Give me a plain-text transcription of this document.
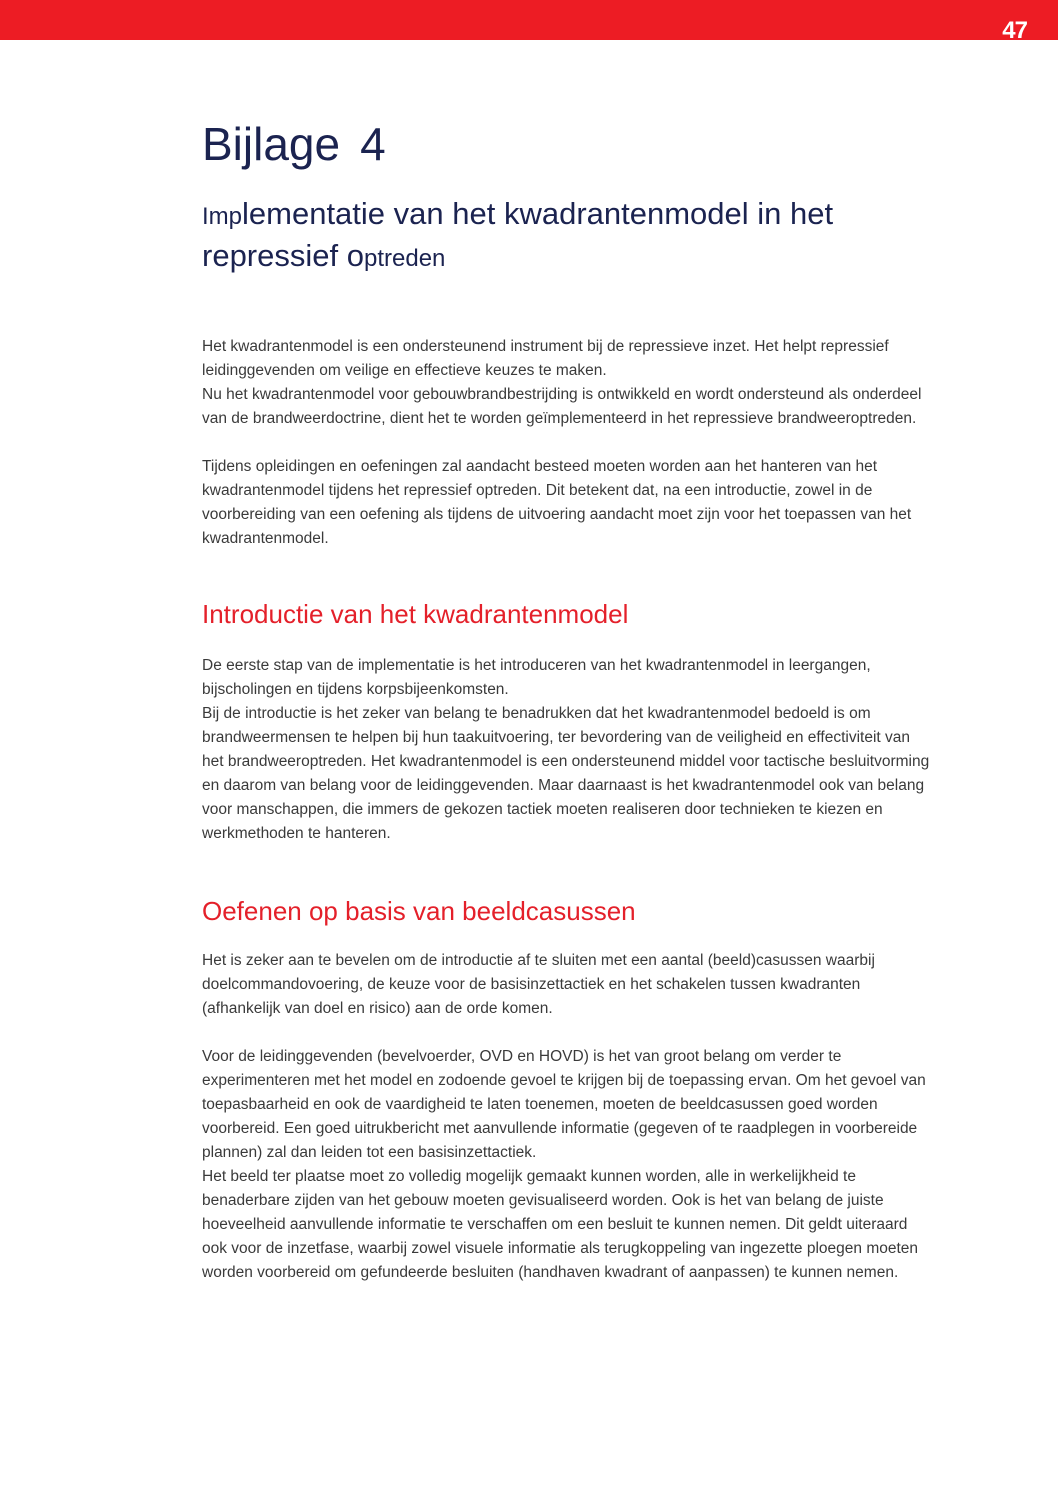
47
Bijlage 4
Implementatie van het kwadrantenmodel in het repressief optreden

Het kwadrantenmodel is een ondersteunend instrument bij de repressieve inzet. Het helpt repressief leidinggevenden om veilige en effectieve keuzes te maken.

Nu het kwadrantenmodel voor gebouwbrandbestrijding is ontwikkeld en wordt ondersteund als onderdeel van de brandweerdoctrine, dient het te worden geïmplementeerd in het repressieve brandweeroptreden.

Tijdens opleidingen en oefeningen zal aandacht besteed moeten worden aan het hanteren van het kwadrantenmodel tijdens het repressief optreden. Dit betekent dat, na een introductie, zowel in de voorbereiding van een oefening als tijdens de uitvoering aandacht moet zijn voor het toepassen van het kwadrantenmodel.

Introductie van het kwadrantenmodel

De eerste stap van de implementatie is het introduceren van het kwadrantenmodel in leergangen, bijscholingen en tijdens korpsbijeenkomsten.

Bij de introductie is het zeker van belang te benadrukken dat het kwadrantenmodel bedoeld is om brandweermensen te helpen bij hun taakuitvoering, ter bevordering van de veiligheid en effectiviteit van het brandweeroptreden. Het kwadrantenmodel is een ondersteunend middel voor tactische besluitvorming en daarom van belang voor de leidinggevenden. Maar daarnaast is het kwadrantenmodel ook van belang voor manschappen, die immers de gekozen tactiek moeten realiseren door technieken te kiezen en werkmethoden te hanteren.

Oefenen op basis van beeldcasussen

Het is zeker aan te bevelen om de introductie af te sluiten met een aantal (beeld)casussen waarbij doelcommandovoering, de keuze voor de basisinzettactiek en het schakelen tussen kwadranten (afhankelijk van doel en risico) aan de orde komen.

Voor de leidinggevenden (bevelvoerder, OVD en HOVD) is het van groot belang om verder te experimenteren met het model en zodoende gevoel te krijgen bij de toepassing ervan. Om het gevoel van toepasbaarheid en ook de vaardigheid te laten toenemen, moeten de beeldcasussen goed worden voorbereid. Een goed uitrukbericht met aanvullende informatie (gegeven of te raadplegen in voorbereide plannen) zal dan leiden tot een basisinzettactiek.

Het beeld ter plaatse moet zo volledig mogelijk gemaakt kunnen worden, alle in werkelijkheid te benaderbare zijden van het gebouw moeten gevisualiseerd worden. Ook is het van belang de juiste hoeveelheid aanvullende informatie te verschaffen om een besluit te kunnen nemen. Dit geldt uiteraard ook voor de inzetfase, waarbij zowel visuele informatie als terugkoppeling van ingezette ploegen moeten worden voorbereid om gefundeerde besluiten (handhaven kwadrant of aanpassen) te kunnen nemen.
